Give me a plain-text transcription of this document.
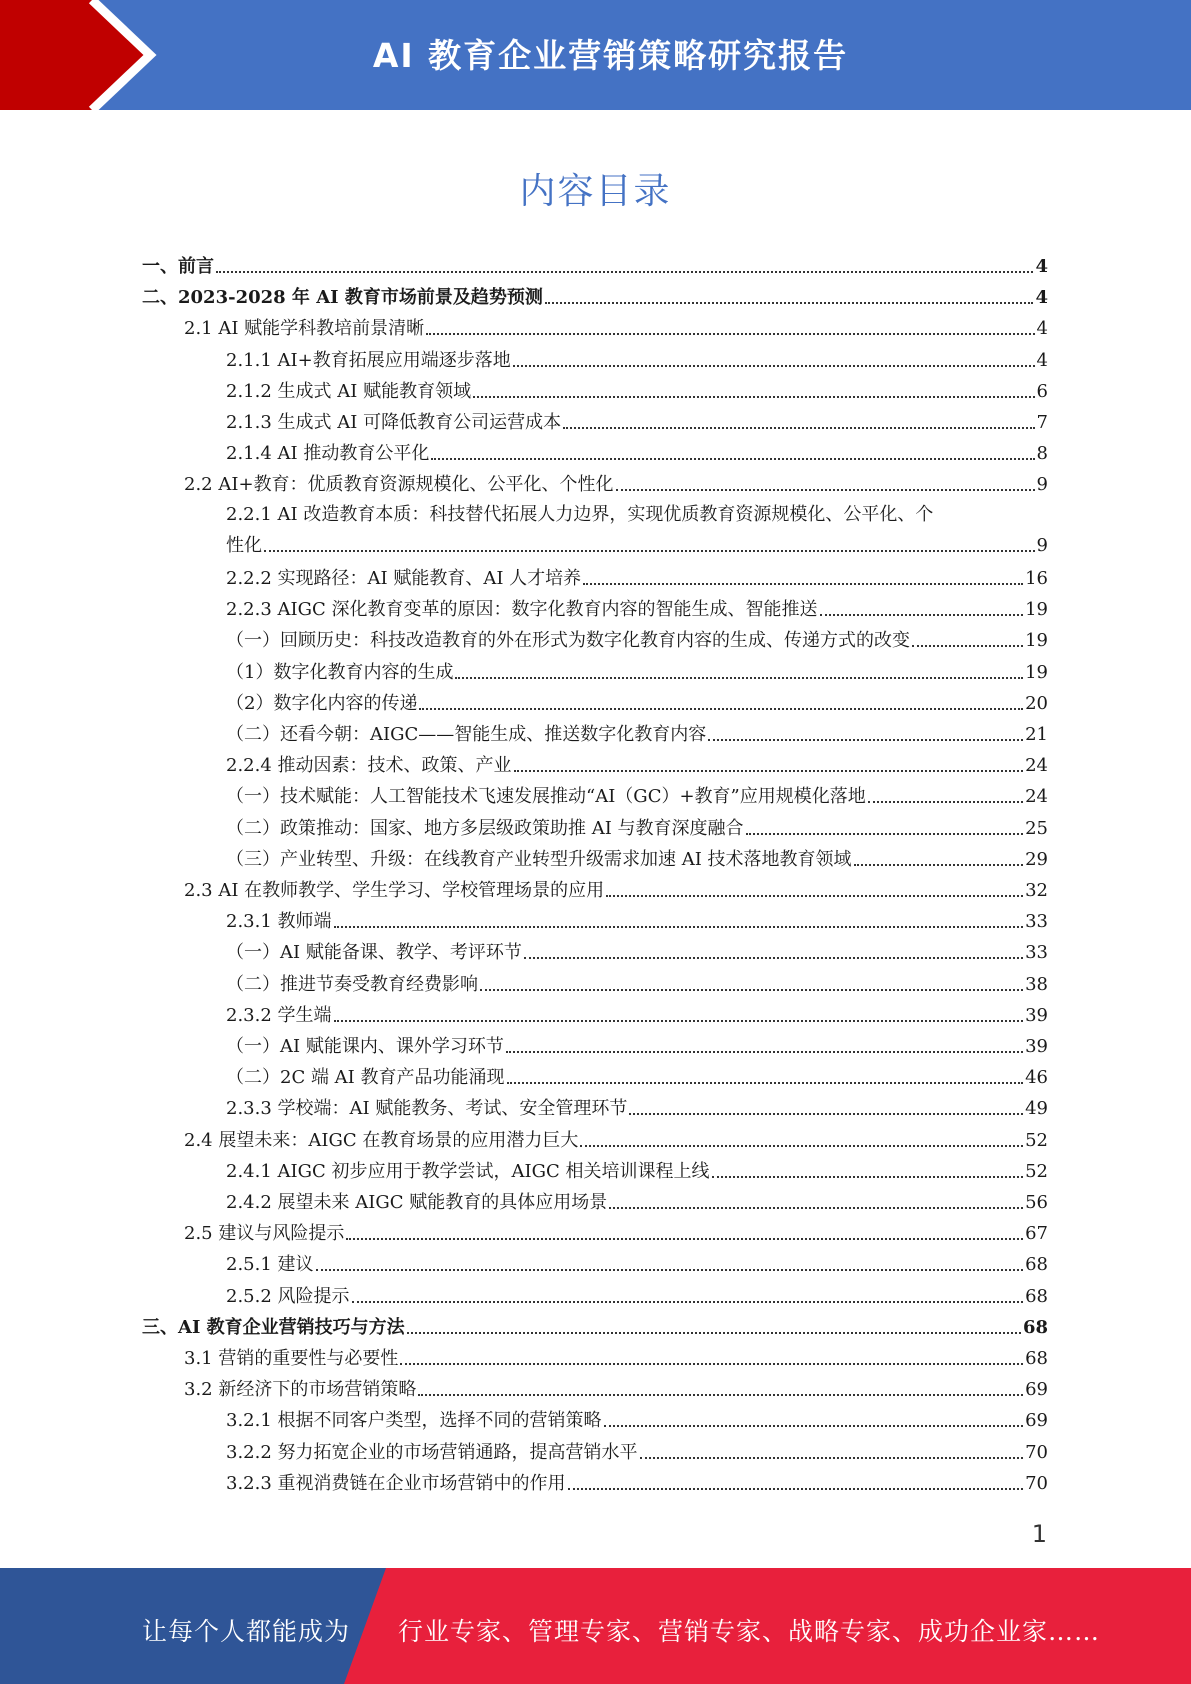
AI 教育企业营销策略研究报告
内容目录
一、前言	4
二、2023-2028 年 AI 教育市场前景及趋势预测	4
2.1 AI 赋能学科教培前景清晰	4
2.1.1 AI+教育拓展应用端逐步落地	4
2.1.2 生成式 AI 赋能教育领域	6
2.1.3 生成式 AI 可降低教育公司运营成本	7
2.1.4 AI 推动教育公平化	8
2.2 AI+教育：优质教育资源规模化、公平化、个性化	9
2.2.1 AI 改造教育本质：科技替代拓展人力边界，实现优质教育资源规模化、公平化、个
性化	9
2.2.2 实现路径：AI 赋能教育、AI 人才培养	16
2.2.3 AIGC 深化教育变革的原因：数字化教育内容的智能生成、智能推送	19
（一）回顾历史：科技改造教育的外在形式为数字化教育内容的生成、传递方式的改变	19
（1）数字化教育内容的生成	19
（2）数字化内容的传递	20
（二）还看今朝：AIGC——智能生成、推送数字化教育内容	21
2.2.4 推动因素：技术、政策、产业	24
（一）技术赋能：人工智能技术飞速发展推动“AI（GC）+教育”应用规模化落地	24
（二）政策推动：国家、地方多层级政策助推 AI 与教育深度融合	25
（三）产业转型、升级：在线教育产业转型升级需求加速 AI 技术落地教育领域	29
2.3 AI 在教师教学、学生学习、学校管理场景的应用	32
2.3.1 教师端	33
（一）AI 赋能备课、教学、考评环节	33
（二）推进节奏受教育经费影响	38
2.3.2 学生端	39
（一）AI 赋能课内、课外学习环节	39
（二）2C 端 AI 教育产品功能涌现	46
2.3.3 学校端：AI 赋能教务、考试、安全管理环节	49
2.4 展望未来：AIGC 在教育场景的应用潜力巨大	52
2.4.1 AIGC 初步应用于教学尝试，AIGC 相关培训课程上线	52
2.4.2 展望未来 AIGC 赋能教育的具体应用场景	56
2.5 建议与风险提示	67
2.5.1 建议	68
2.5.2 风险提示	68
三、AI 教育企业营销技巧与方法	68
3.1 营销的重要性与必要性	68
3.2 新经济下的市场营销策略	69
3.2.1 根据不同客户类型，选择不同的营销策略	69
3.2.2 努力拓宽企业的市场营销通路，提高营销水平	70
3.2.3 重视消费链在企业市场营销中的作用	70
1
让每个人都能成为 行业专家、管理专家、营销专家、战略专家、成功企业家……
